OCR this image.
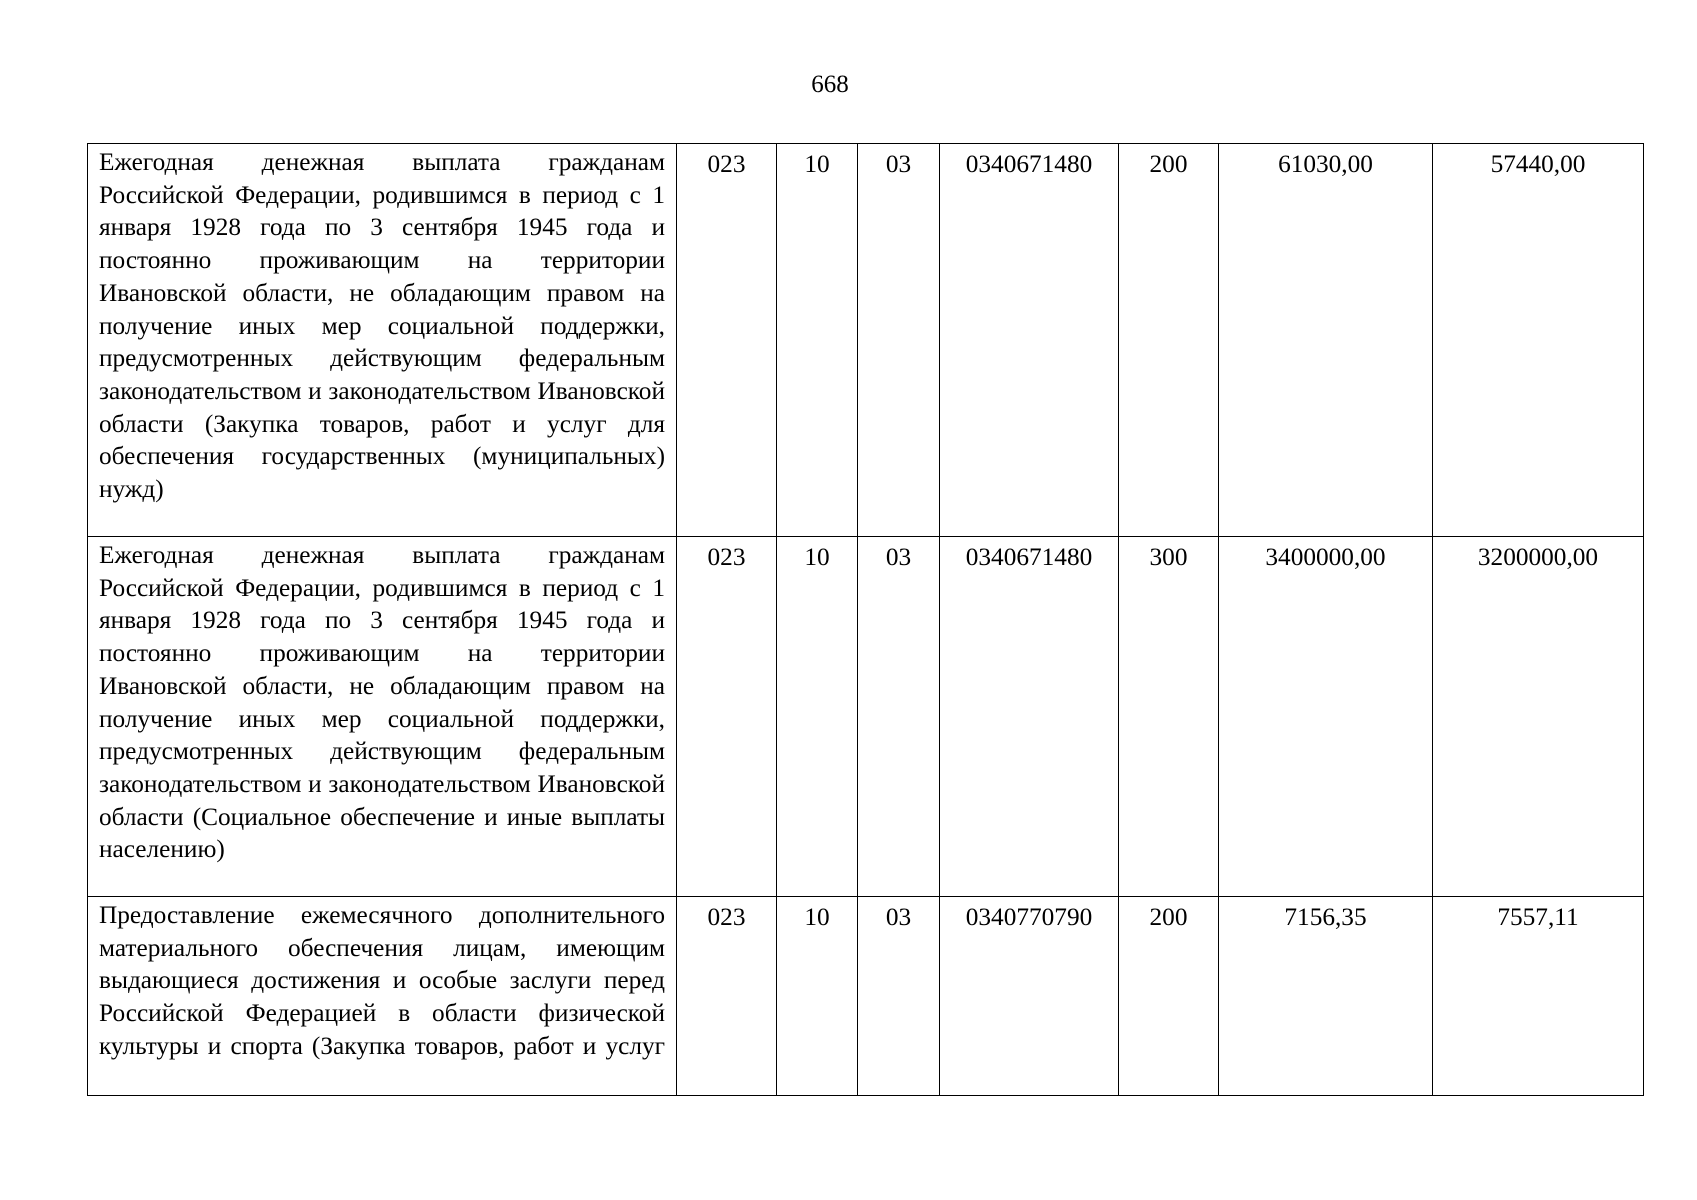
668
Ежегодная денежная выплата гражданам Российской Федерации, родившимся в период с 1 января 1928 года по 3 сентября 1945 года и постоянно проживающим на территории Ивановской области, не обладающим правом на получение иных мер социальной поддержки, предусмотренных действующим федеральным законодательством и законодательством Ивановской области (Закупка товаров, работ и услуг для обеспечения государственных (муниципальных) нужд)	023	10	03	0340671480	200	61030,00	57440,00
Ежегодная денежная выплата гражданам Российской Федерации, родившимся в период с 1 января 1928 года по 3 сентября 1945 года и постоянно проживающим на территории Ивановской области, не обладающим правом на получение иных мер социальной поддержки, предусмотренных действующим федеральным законодательством и законодательством Ивановской области (Социальное обеспечение и иные выплаты населению)	023	10	03	0340671480	300	3400000,00	3200000,00

Предоставление ежемесячного дополнительного материального обеспечения лицам, имеющим выдающиеся достижения и особые заслуги перед Российской Федерацией в области физической культуры и спорта (Закупка товаров, работ и услуг	023	10	03	0340770790	200	7156,35	7557,11
